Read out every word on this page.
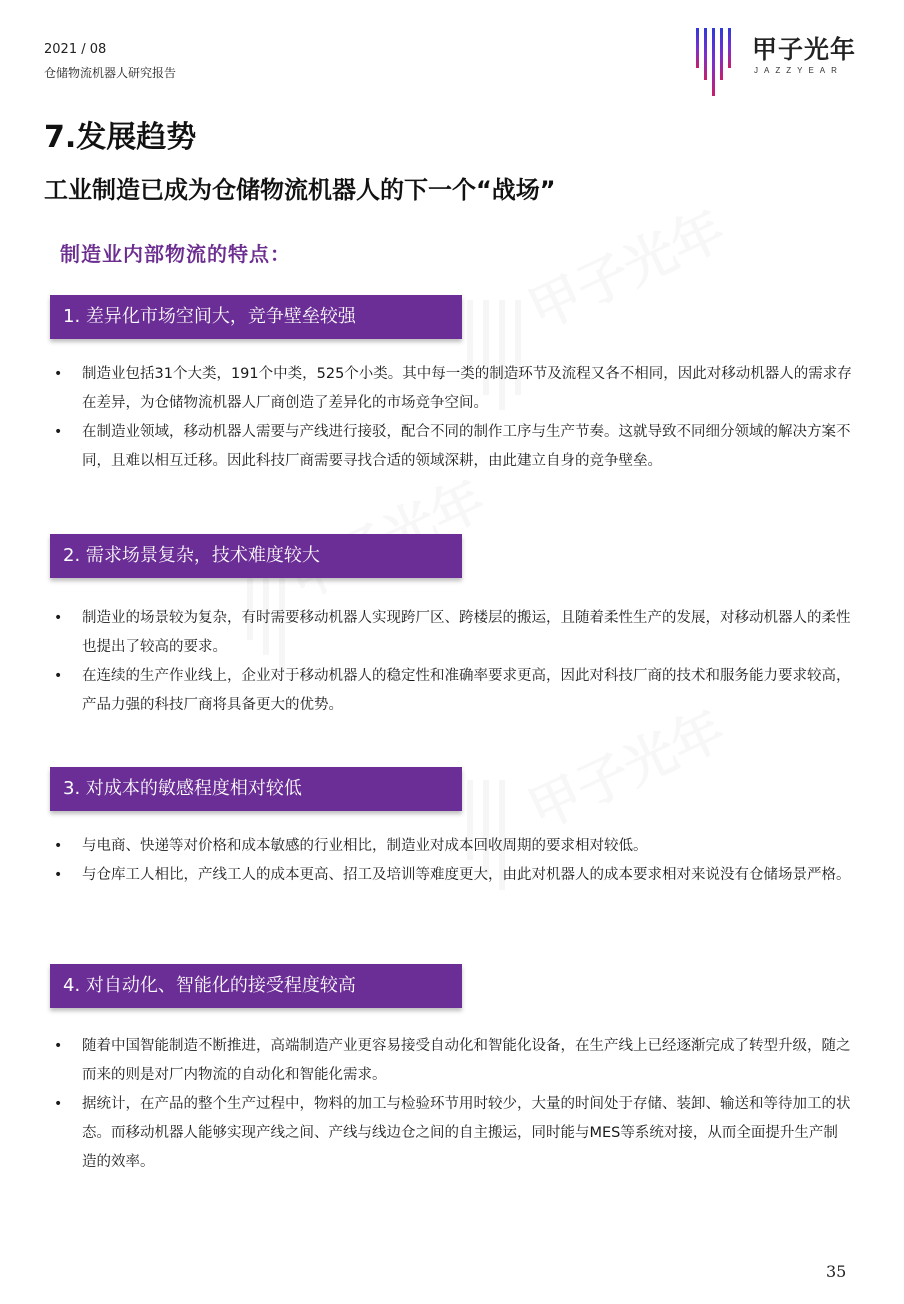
甲子光年
甲子光年
2021 / 08
仓储物流机器人研究报告
甲子光年
JAZZYEAR
7.发展趋势
工业制造已成为仓储物流机器人的下一个“战场”
制造业内部物流的特点：
1. 差异化市场空间大，竞争壁垒较强
• 制造业包括31个大类，191个中类，525个小类。其中每一类的制造环节及流程又各不相同，因此对移动机器人的需求存在差异，为仓储物流机器人厂商创造了差异化的市场竞争空间。
• 在制造业领域，移动机器人需要与产线进行接驳，配合不同的制作工序与生产节奏。这就导致不同细分领域的解决方案不同，且难以相互迁移。因此科技厂商需要寻找合适的领域深耕，由此建立自身的竞争壁垒。
2. 需求场景复杂，技术难度较大
• 制造业的场景较为复杂，有时需要移动机器人实现跨厂区、跨楼层的搬运，且随着柔性生产的发展，对移动机器人的柔性也提出了较高的要求。
• 在连续的生产作业线上，企业对于移动机器人的稳定性和准确率要求更高，因此对科技厂商的技术和服务能力要求较高，产品力强的科技厂商将具备更大的优势。
3. 对成本的敏感程度相对较低
• 与电商、快递等对价格和成本敏感的行业相比，制造业对成本回收周期的要求相对较低。
• 与仓库工人相比，产线工人的成本更高、招工及培训等难度更大，由此对机器人的成本要求相对来说没有仓储场景严格。
4. 对自动化、智能化的接受程度较高
• 随着中国智能制造不断推进，高端制造产业更容易接受自动化和智能化设备，在生产线上已经逐渐完成了转型升级，随之而来的则是对厂内物流的自动化和智能化需求。
• 据统计，在产品的整个生产过程中，物料的加工与检验环节用时较少，大量的时间处于存储、装卸、输送和等待加工的状态。而移动机器人能够实现产线之间、产线与线边仓之间的自主搬运，同时能与MES等系统对接，从而全面提升生产制造的效率。
35
